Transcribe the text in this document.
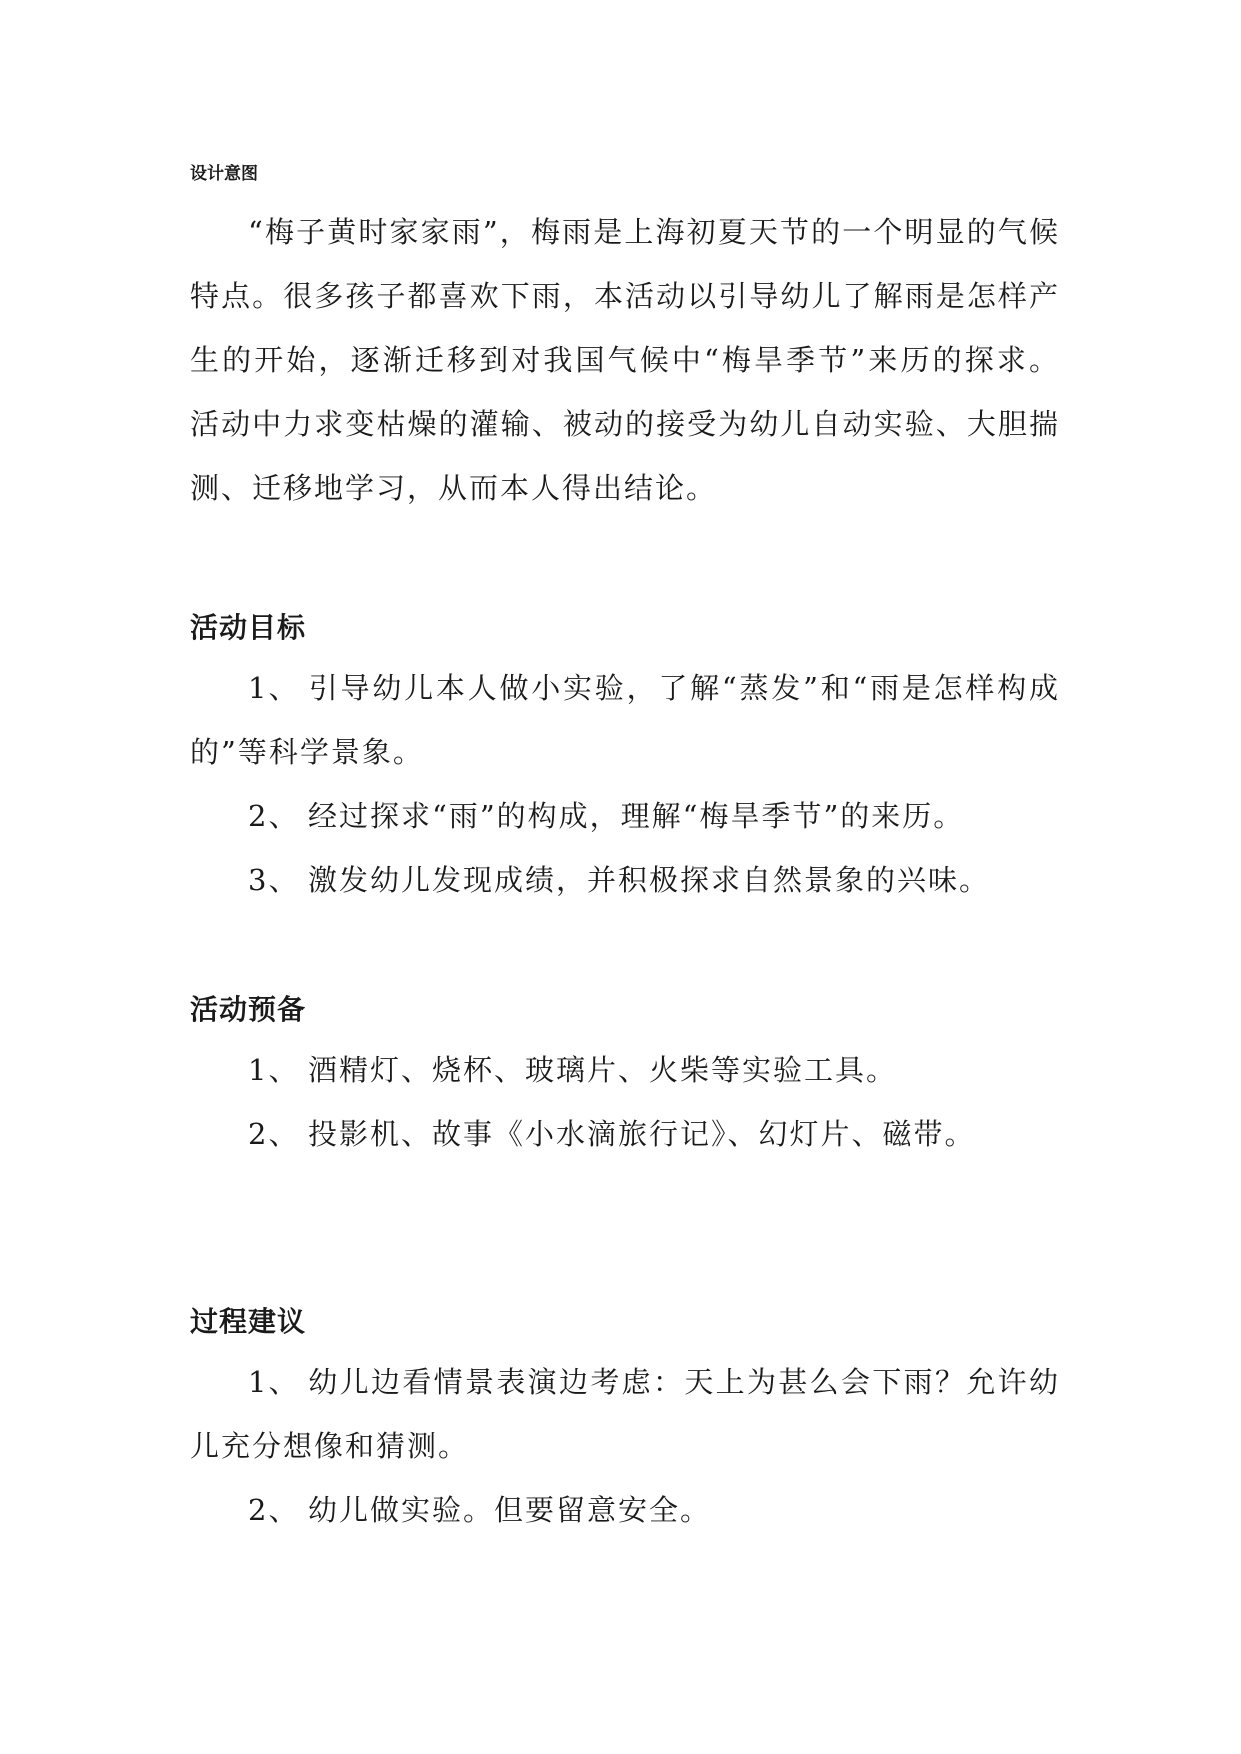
设计意图

“梅子黄时家家雨”，梅雨是上海初夏天节的一个明显的气候特点。很多孩子都喜欢下雨，本活动以引导幼儿了解雨是怎样产生的开始，逐渐迁移到对我国气候中“梅旱季节”来历的探求。活动中力求变枯燥的灌输、被动的接受为幼儿自动实验、大胆揣测、迁移地学习，从而本人得出结论。

活动目标
1、 引导幼儿本人做小实验，了解“蒸发”和“雨是怎样构成的”等科学景象。
2、 经过探求“雨”的构成，理解“梅旱季节”的来历。
3、 激发幼儿发现成绩，并积极探求自然景象的兴味。
活动预备
1、 酒精灯、烧杯、玻璃片、火柴等实验工具。
2、 投影机、故事《小水滴旅行记》、幻灯片、磁带。
过程建议
1、 幼儿边看情景表演边考虑：天上为甚么会下雨？允许幼儿充分想像和猜测。
2、 幼儿做实验。但要留意安全。
